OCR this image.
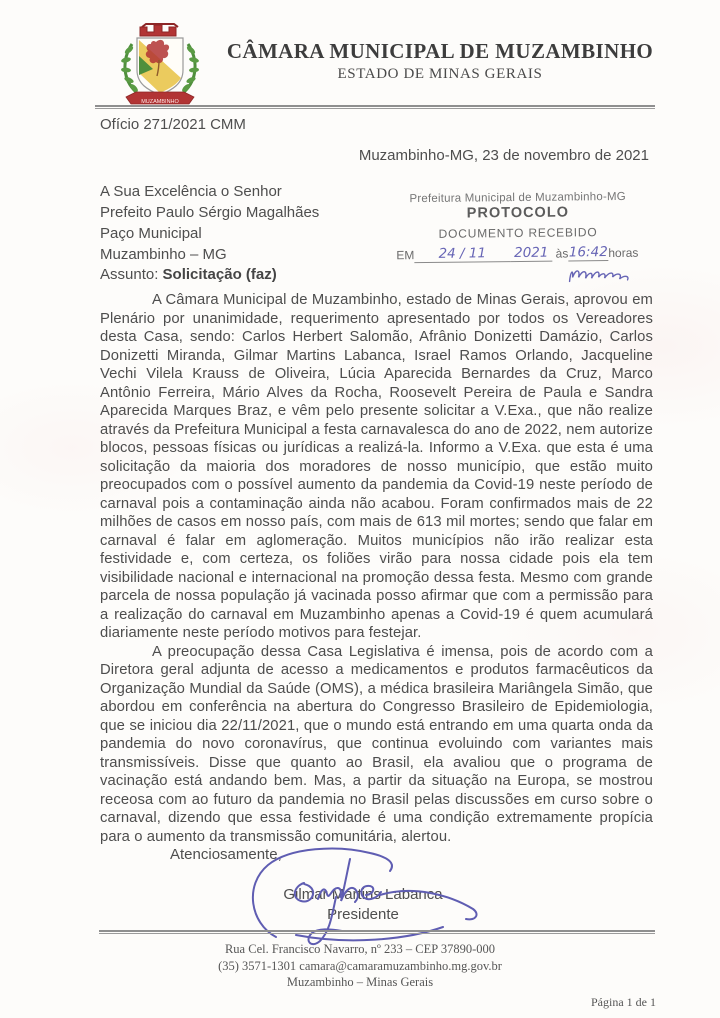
MUZAMBINHO
CÂMARA MUNICIPAL DE MUZAMBINHO
ESTADO DE MINAS GERAIS
Ofício 271/2021 CMM
Muzambinho-MG, 23 de novembro de 2021
A Sua Excelência o Senhor
Prefeito Paulo Sérgio Magalhães
Paço Municipal
Muzambinho – MG
Prefeitura Municipal de Muzambinho-MG
PROTOCOLO
DOCUMENTO RECEBIDO
EM 24 / 11 2021 às16:42horas
Assunto: Solicitação (faz)

A Câmara Municipal de Muzambinho, estado de Minas Gerais, aprovou em Plenário por unanimidade, requerimento apresentado por todos os Vereadores desta Casa, sendo: Carlos Herbert Salomão, Afrânio Donizetti Damázio, Carlos Donizetti Miranda, Gilmar Martins Labanca, Israel Ramos Orlando, Jacqueline Vechi Vilela Krauss de Oliveira, Lúcia Aparecida Bernardes da Cruz, Marco Antônio Ferreira, Mário Alves da Rocha, Roosevelt Pereira de Paula e Sandra Aparecida Marques Braz, e vêm pelo presente solicitar a V.Exa., que não realize através da Prefeitura Municipal a festa carnavalesca do ano de 2022, nem autorize blocos, pessoas físicas ou jurídicas a realizá-la. Informo a V.Exa. que esta é uma solicitação da maioria dos moradores de nosso município, que estão muito preocupados com o possível aumento da pandemia da Covid-19 neste período de carnaval pois a contaminação ainda não acabou. Foram confirmados mais de 22 milhões de casos em nosso país, com mais de 613 mil mortes; sendo que falar em carnaval é falar em aglomeração. Muitos municípios não irão realizar esta festividade e, com certeza, os foliões virão para nossa cidade pois ela tem visibilidade nacional e internacional na promoção dessa festa. Mesmo com grande parcela de nossa população já vacinada posso afirmar que com a permissão para a realização do carnaval em Muzambinho apenas a Covid-19 é quem acumulará diariamente neste período motivos para festejar.

A preocupação dessa Casa Legislativa é imensa, pois de acordo com a Diretora geral adjunta de acesso a medicamentos e produtos farmacêuticos da Organização Mundial da Saúde (OMS), a médica brasileira Mariângela Simão, que abordou em conferência na abertura do Congresso Brasileiro de Epidemiologia, que se iniciou dia 22/11/2021, que o mundo está entrando em uma quarta onda da pandemia do novo coronavírus, que continua evoluindo com variantes mais transmissíveis. Disse que quanto ao Brasil, ela avaliou que o programa de vacinação está andando bem. Mas, a partir da situação na Europa, se mostrou receosa com ao futuro da pandemia no Brasil pelas discussões em curso sobre o carnaval, dizendo que essa festividade é uma condição extremamente propícia para o aumento da transmissão comunitária, alertou.

Atenciosamente,
Gilmar Martins Labanca
Presidente
Rua Cel. Francisco Navarro, nº 233 – CEP 37890-000
(35) 3571-1301 camara@camaramuzambinho.mg.gov.br
Muzambinho – Minas Gerais
Página 1 de 1
